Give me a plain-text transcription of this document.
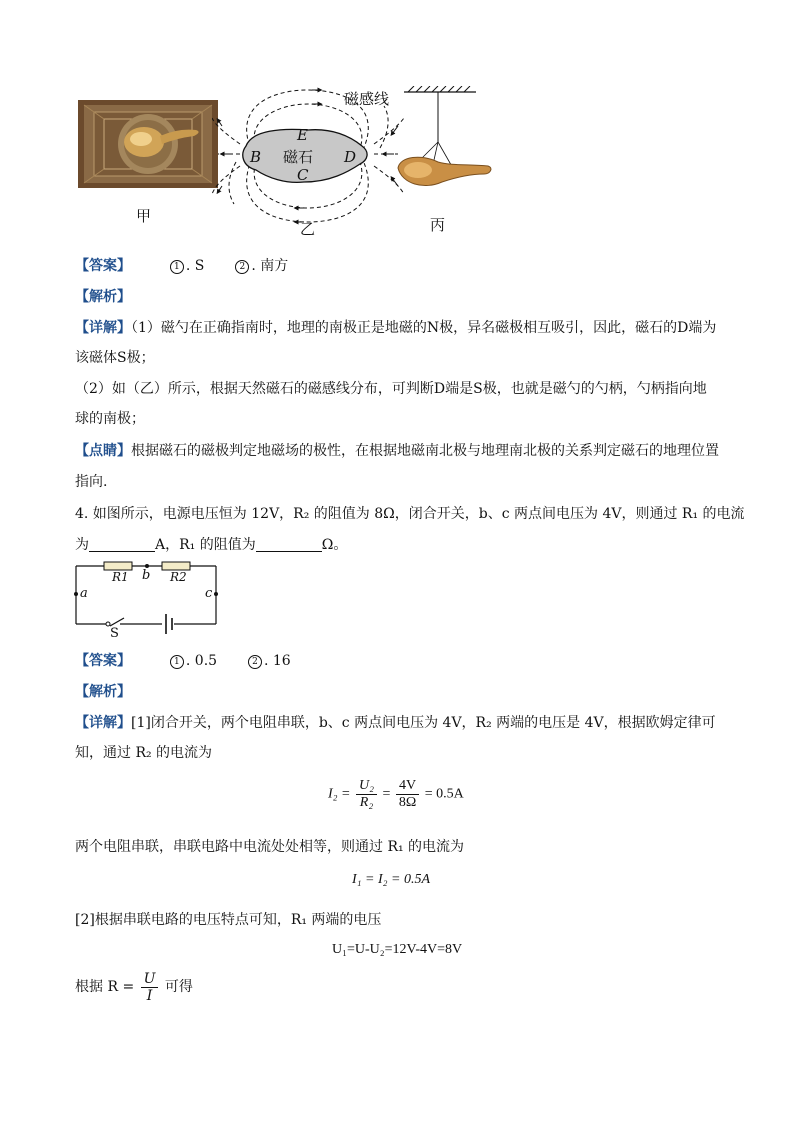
甲
B	D
E
C
磁石
磁感线
乙	丙
【答案】	1 . S	2 . 南方
【解析】
【详解】（1）磁勺在正确指南时，地理的南极正是地磁的N极，异名磁极相互吸引，因此，磁石的D端为
该磁体S极；
（2）如（乙）所示，根据天然磁石的磁感线分布，可判断D端是S极，也就是磁勺的勺柄，勺柄指向地
球的南极；
【点睛】根据磁石的磁极判定地磁场的极性，在根据地磁南北极与地理南北极的关系判定磁石的地理位置
指向.
4. 如图所示，电源电压恒为 12V，R₂ 的阻值为 8Ω，闭合开关，b、c 两点间电压为 4V，则通过 R₁ 的电流
为	A，R₁ 的阻值为	Ω。
R1	R2
b
a	c
S
【答案】	1 . 0.5	2 . 16
【解析】
【详解】[1]闭合开关，两个电阻串联，b、c 两点间电压为 4V，R₂ 两端的电压是 4V，根据欧姆定律可
知，通过 R₂ 的电流为
$I_2 = \frac{\text{U₂}}{\text{R₂}} = \frac{4V}{8\Omega} = 0.5A$
两个电阻串联，串联电路中电流处处相等，则通过 R₁ 的电流为
I₁ = I₂ = 0.5A
[2]根据串联电路的电压特点可知，R₁ 两端的电压
U₁=U-U₂=12V-4V=8V
根据 $R = \frac{U}{I}$ 可得
